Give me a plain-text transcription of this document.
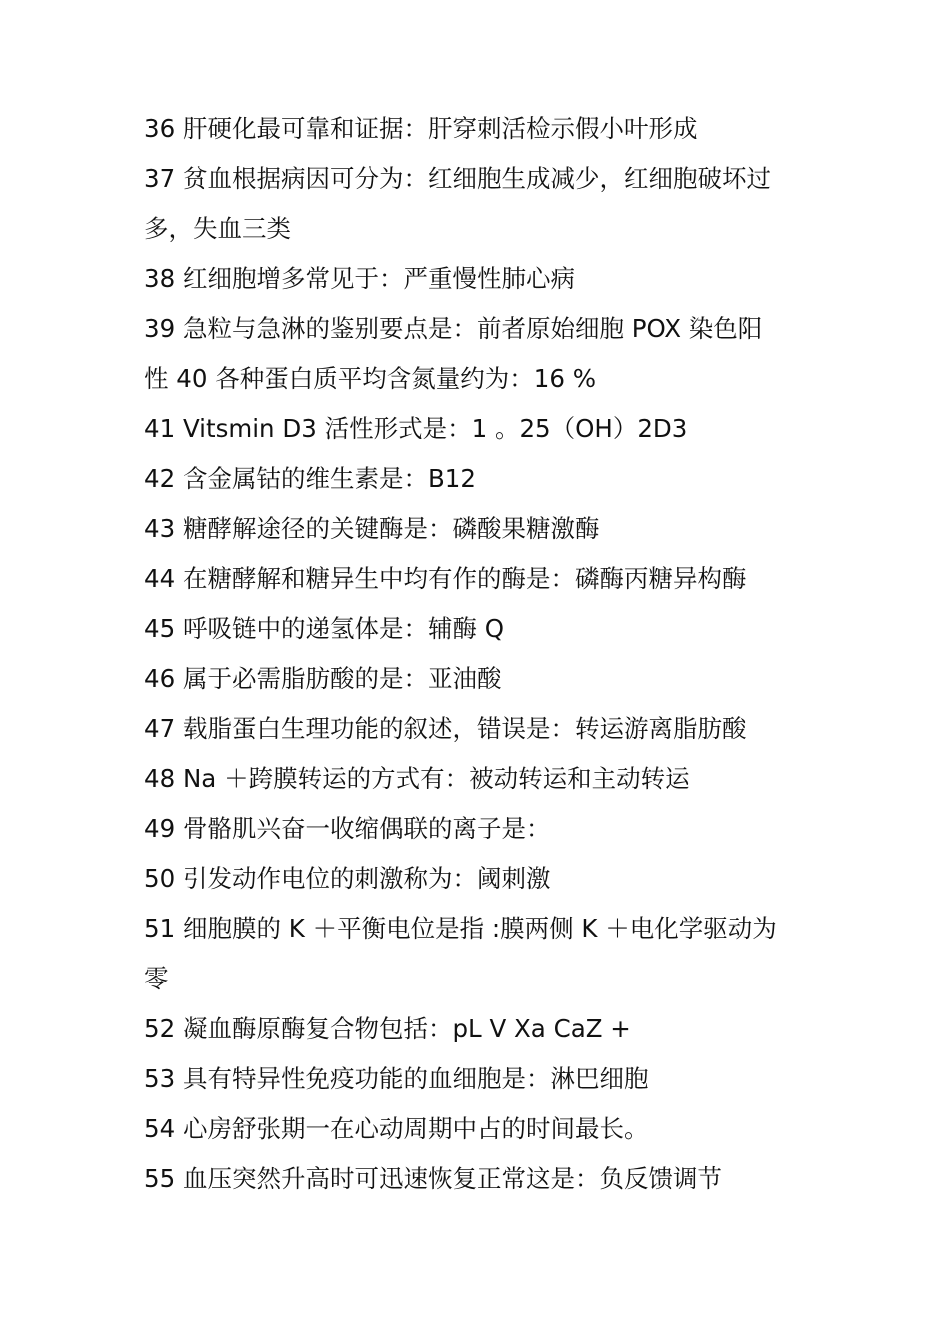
36 肝硬化最可靠和证据：肝穿刺活检示假小叶形成

37 贫血根据病因可分为：红细胞生成减少，红细胞破坏过

多，失血三类

38 红细胞增多常见于：严重慢性肺心病

39 急粒与急淋的鉴别要点是：前者原始细胞 POX 染色阳

性 40 各种蛋白质平均含氮量约为：16 %

41 Vitsmin D3 活性形式是：1 。25（OH）2D3

42 含金属钴的维生素是：B12

43 糖酵解途径的关键酶是：磷酸果糖激酶

44 在糖酵解和糖异生中均有作的酶是：磷酶丙糖异构酶

45 呼吸链中的递氢体是：辅酶 Q

46 属于必需脂肪酸的是：亚油酸

47 载脂蛋白生理功能的叙述，错误是：转运游离脂肪酸

48 Na ＋跨膜转运的方式有：被动转运和主动转运

49 骨骼肌兴奋一收缩偶联的离子是：

50 引发动作电位的刺激称为：阈刺激

51 细胞膜的 K ＋平衡电位是指 :膜两侧 K ＋电化学驱动为

零

52 凝血酶原酶复合物包括：pL V Xa CaZ +

53 具有特异性免疫功能的血细胞是：淋巴细胞

54 心房舒张期一在心动周期中占的时间最长。

55 血压突然升高时可迅速恢复正常这是：负反馈调节
